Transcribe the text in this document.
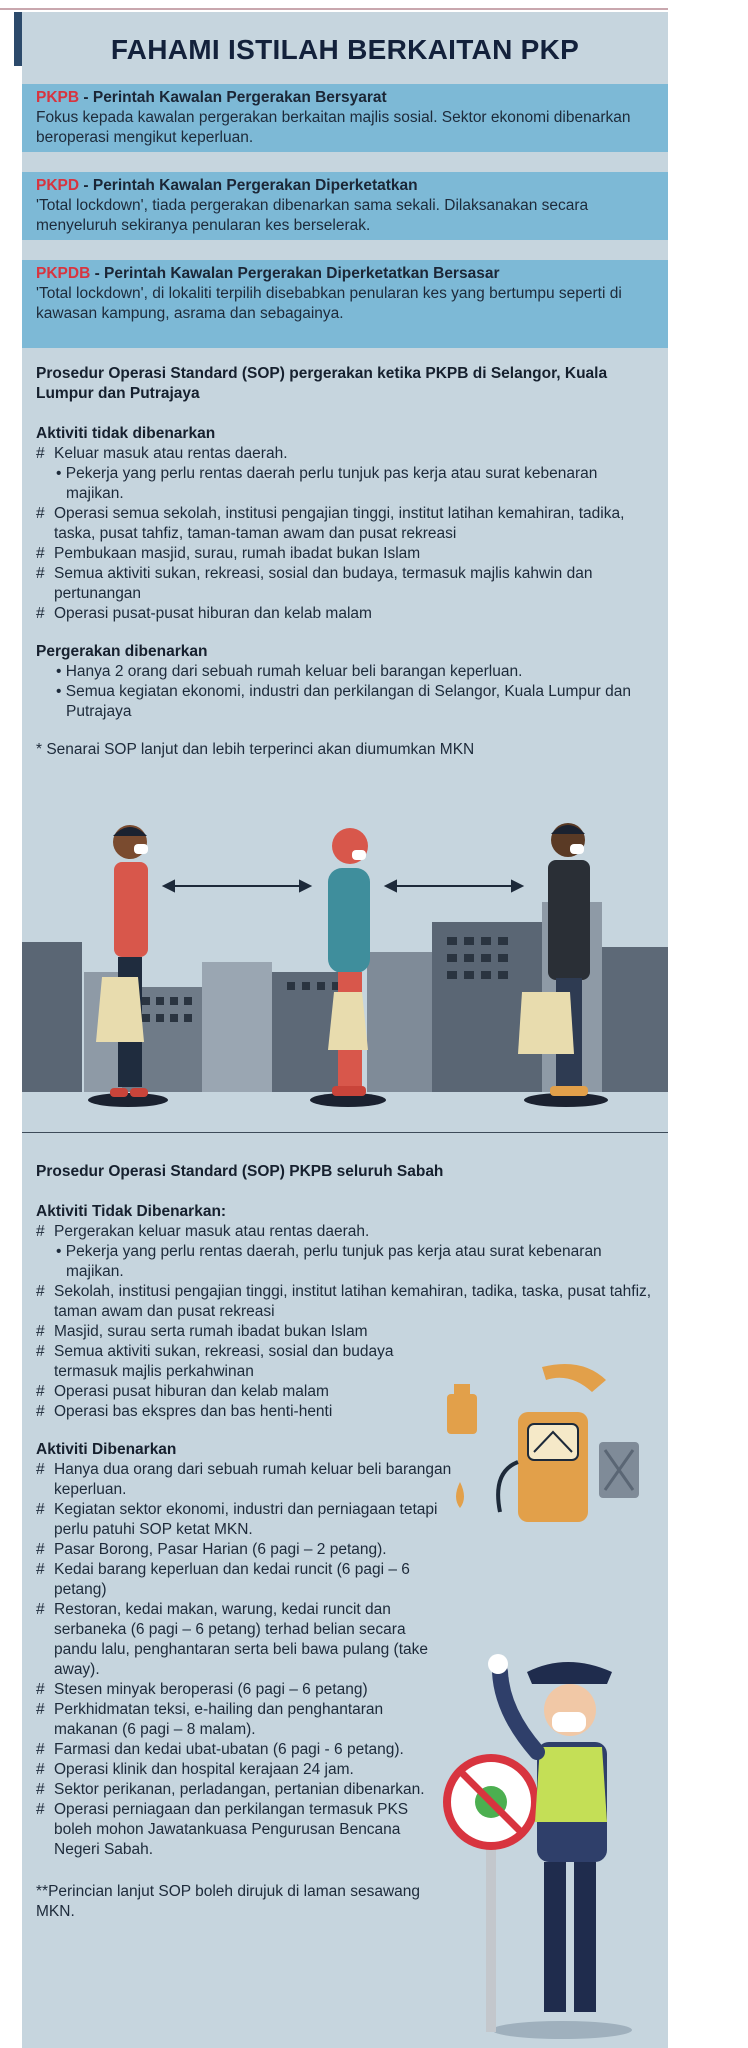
FAHAMI ISTILAH BERKAITAN PKP
PKPB - Perintah Kawalan Pergerakan Bersyarat
Fokus kepada kawalan pergerakan berkaitan majlis sosial. Sektor ekonomi dibenarkan beroperasi mengikut keperluan.
PKPD - Perintah Kawalan Pergerakan Diperketatkan
'Total lockdown', tiada pergerakan dibenarkan sama sekali. Dilaksanakan secara menyeluruh sekiranya penularan kes berselerak.
PKPDB - Perintah Kawalan Pergerakan Diperketatkan Bersasar
'Total lockdown', di lokaliti terpilih disebabkan penularan kes yang bertumpu seperti di kawasan kampung, asrama dan sebagainya.
Prosedur Operasi Standard (SOP) pergerakan ketika PKPB di Selangor, Kuala Lumpur dan Putrajaya
Aktiviti tidak dibenarkan
# Keluar masuk atau rentas daerah.
• Pekerja yang perlu rentas daerah perlu tunjuk pas kerja atau surat kebenaran majikan.
# Operasi semua sekolah, institusi pengajian tinggi, institut latihan kemahiran, tadika, taska, pusat tahfiz, taman-taman awam dan pusat rekreasi
# Pembukaan masjid, surau, rumah ibadat bukan Islam
# Semua aktiviti sukan, rekreasi, sosial dan budaya, termasuk majlis kahwin dan pertunangan
# Operasi pusat-pusat hiburan dan kelab malam
Pergerakan dibenarkan
• Hanya 2 orang dari sebuah rumah keluar beli barangan keperluan.
• Semua kegiatan ekonomi, industri dan perkilangan di Selangor, Kuala Lumpur dan Putrajaya
* Senarai SOP lanjut dan lebih terperinci akan diumumkan MKN
Prosedur Operasi Standard (SOP) PKPB seluruh Sabah
Aktiviti Tidak Dibenarkan:
# Pergerakan keluar masuk atau rentas daerah.
• Pekerja yang perlu rentas daerah, perlu tunjuk pas kerja atau surat kebenaran majikan.
# Sekolah, institusi pengajian tinggi, institut latihan kemahiran, tadika, taska, pusat tahfiz, taman awam dan pusat rekreasi
# Masjid, surau serta rumah ibadat bukan Islam
# Semua aktiviti sukan, rekreasi, sosial dan budaya termasuk majlis perkahwinan
# Operasi pusat hiburan dan kelab malam
# Operasi bas ekspres dan bas henti-henti
Aktiviti Dibenarkan
# Hanya dua orang dari sebuah rumah keluar beli barangan keperluan.
# Kegiatan sektor ekonomi, industri dan perniagaan tetapi perlu patuhi SOP ketat MKN.
# Pasar Borong, Pasar Harian (6 pagi – 2 petang).
# Kedai barang keperluan dan kedai runcit (6 pagi – 6 petang)
# Restoran, kedai makan, warung, kedai runcit dan serbaneka (6 pagi – 6 petang) terhad belian secara pandu lalu, penghantaran serta beli bawa pulang (take away).
# Stesen minyak beroperasi (6 pagi – 6 petang)
# Perkhidmatan teksi, e-hailing dan penghantaran makanan (6 pagi – 8 malam).
# Farmasi dan kedai ubat-ubatan (6 pagi - 6 petang).
# Operasi klinik dan hospital kerajaan 24 jam.
# Sektor perikanan, perladangan, pertanian dibenarkan.
# Operasi perniagaan dan perkilangan termasuk PKS boleh mohon Jawatankuasa Pengurusan Bencana Negeri Sabah.
**Perincian lanjut SOP boleh dirujuk di laman sesawang MKN.
